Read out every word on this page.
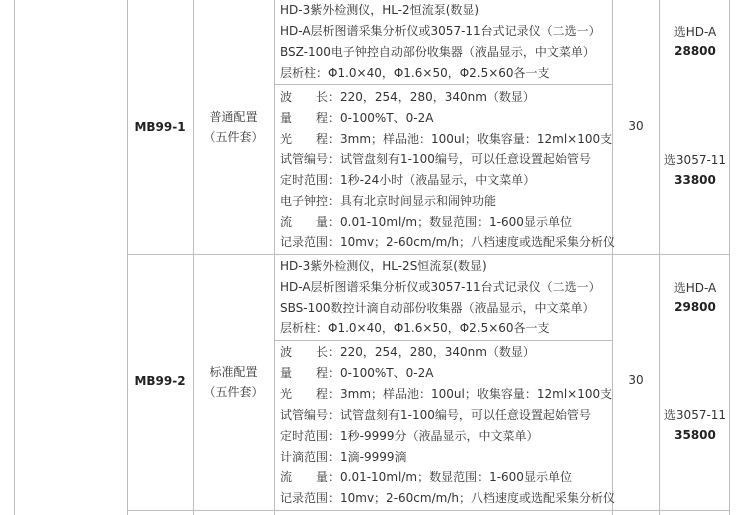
MB99-1
普通配置
（五件套）
HD-3紫外检测仪，HL-2恒流泵(数显)
HD-A层析图谱采集分析仪或3057-11台式记录仪（二选一）
BSZ-100电子钟控自动部份收集器（液晶显示，中文菜单）
层析柱：Φ1.0×40，Φ1.6×50，Φ2.5×60各一支
波　　长：220，254，280，340nm（数显）
量　　程：0-100%T、0-2A
光　　程：3mm；样品池：100ul；收集容量：12ml×100支
试管编号：试管盘刻有1-100编号，可以任意设置起始管号
定时范围：1秒-24小时（液晶显示，中文菜单）
电子钟控：具有北京时间显示和闹钟功能
流　　量：0.01-10ml/m；数显范围：1-600显示单位
记录范围：10mv；2-60cm/m/h；八档速度或选配采集分析仪
30
选HD-A
28800
选3057-11
33800
MB99-2
标准配置
（五件套）
HD-3紫外检测仪，HL-2S恒流泵(数显)
HD-A层析图谱采集分析仪或3057-11台式记录仪（二选一）
SBS-100数控计滴自动部份收集器（液晶显示，中文菜单）
层析柱：Φ1.0×40，Φ1.6×50，Φ2.5×60各一支
波　　长：220，254，280，340nm（数显）
量　　程：0-100%T、0-2A
光　　程：3mm；样品池：100ul；收集容量：12ml×100支
试管编号：试管盘刻有1-100编号，可以任意设置起始管号
定时范围：1秒-9999分（液晶显示，中文菜单）
计滴范围：1滴-9999滴
流　　量：0.01-10ml/m；数显范围：1-600显示单位
记录范围：10mv；2-60cm/m/h；八档速度或选配采集分析仪
30
选HD-A
29800
选3057-11
35800
